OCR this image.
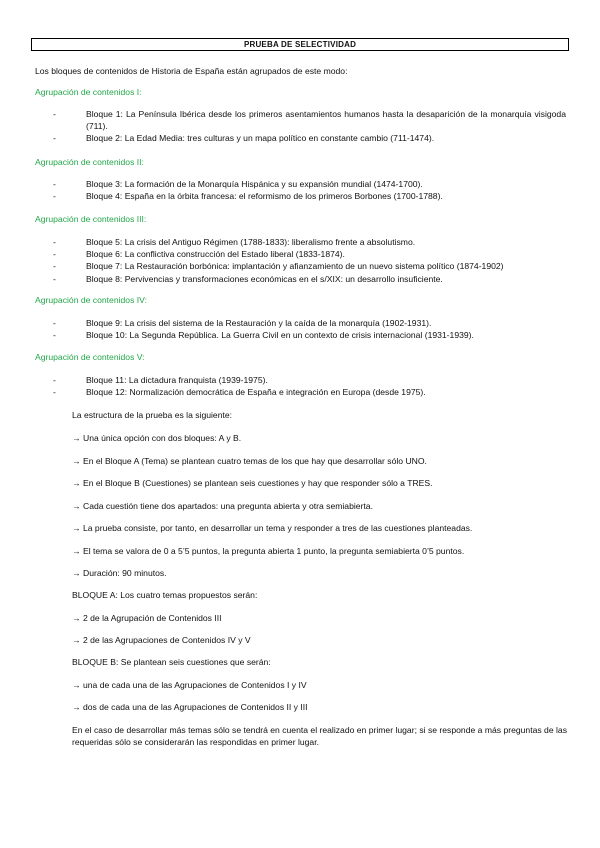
PRUEBA DE SELECTIVIDAD
Los bloques de contenidos de Historia de España están agrupados de este modo:
Agrupación de contenidos I:
-	Bloque 1: La Península Ibérica desde los primeros asentamientos humanos hasta la desaparición de la monarquía visigoda (711).
-	Bloque 2: La Edad Media: tres culturas y un mapa político en constante cambio (711-1474).
Agrupación de contenidos II:
-	Bloque 3: La formación de la Monarquía Hispánica y su expansión mundial (1474-1700).
-	Bloque 4: España en la órbita francesa: el reformismo de los primeros Borbones (1700-1788).
Agrupación de contenidos III:
-	Bloque 5: La crisis del Antiguo Régimen (1788-1833): liberalismo frente a absolutismo.
-	Bloque 6: La conflictiva construcción del Estado liberal (1833-1874).
-	Bloque 7: La Restauración borbónica: implantación y afianzamiento de un nuevo sistema político (1874-1902)
-	Bloque 8: Pervivencias y transformaciones económicas en el s/XIX: un desarrollo insuficiente.
Agrupación de contenidos IV:
-	Bloque 9: La crisis del sistema de la Restauración y la caída de la monarquía (1902-1931).
-	Bloque 10: La Segunda República. La Guerra Civil en un contexto de crisis internacional (1931-1939).
Agrupación de contenidos V:
-	Bloque 11: La dictadura franquista (1939-1975).
-	Bloque 12: Normalización democrática de España e integración en Europa (desde 1975).
La estructura de la prueba es la siguiente:
→ Una única opción con dos bloques: A y B.
→ En el Bloque A (Tema) se plantean cuatro temas de los que hay que desarrollar sólo UNO.
→ En el Bloque B (Cuestiones) se plantean seis cuestiones y hay que responder sólo a TRES.
→ Cada cuestión tiene dos apartados: una pregunta abierta y otra semiabierta.
→ La prueba consiste, por tanto, en desarrollar un tema y responder a tres de las cuestiones planteadas.
→ El tema se valora de 0 a 5’5 puntos, la pregunta abierta 1 punto, la pregunta semiabierta 0’5 puntos.
→ Duración: 90 minutos.
BLOQUE A: Los cuatro temas propuestos serán:
→ 2 de la Agrupación de Contenidos III
→ 2 de las Agrupaciones de Contenidos IV y V
BLOQUE B: Se plantean seis cuestiones que serán:
→ una de cada una de las Agrupaciones de Contenidos I y IV
→ dos de cada una de las Agrupaciones de Contenidos II y III
En el caso de desarrollar más temas sólo se tendrá en cuenta el realizado en primer lugar; si se responde a más preguntas de las requeridas sólo se considerarán las respondidas en primer lugar.
